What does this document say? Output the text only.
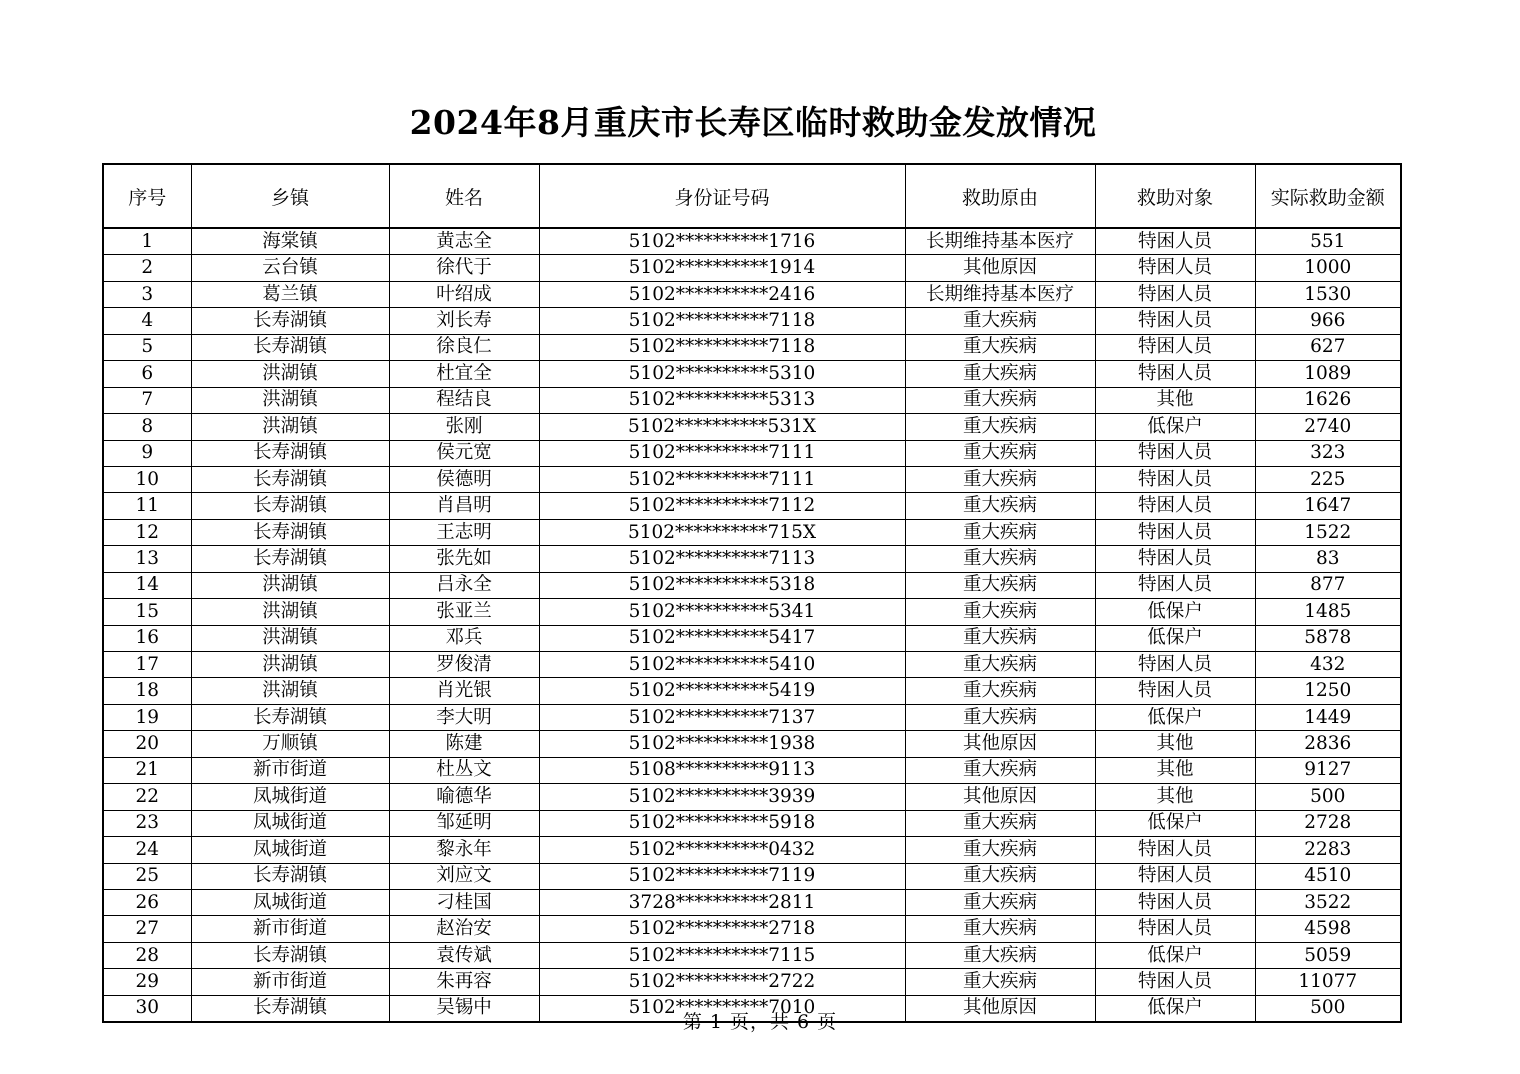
2024年8月重庆市长寿区临时救助金发放情况
序号	乡镇	姓名	身份证号码	救助原由	救助对象	实际救助金额
1	海棠镇	黄志全	5102**********1716	长期维持基本医疗	特困人员	551
2	云台镇	徐代于	5102**********1914	其他原因	特困人员	1000
3	葛兰镇	叶绍成	5102**********2416	长期维持基本医疗	特困人员	1530
4	长寿湖镇	刘长寿	5102**********7118	重大疾病	特困人员	966
5	长寿湖镇	徐良仁	5102**********7118	重大疾病	特困人员	627
6	洪湖镇	杜宜全	5102**********5310	重大疾病	特困人员	1089
7	洪湖镇	程结良	5102**********5313	重大疾病	其他	1626
8	洪湖镇	张刚	5102**********531X	重大疾病	低保户	2740
9	长寿湖镇	侯元宽	5102**********7111	重大疾病	特困人员	323
10	长寿湖镇	侯德明	5102**********7111	重大疾病	特困人员	225
11	长寿湖镇	肖昌明	5102**********7112	重大疾病	特困人员	1647
12	长寿湖镇	王志明	5102**********715X	重大疾病	特困人员	1522
13	长寿湖镇	张先如	5102**********7113	重大疾病	特困人员	83
14	洪湖镇	吕永全	5102**********5318	重大疾病	特困人员	877
15	洪湖镇	张亚兰	5102**********5341	重大疾病	低保户	1485
16	洪湖镇	邓兵	5102**********5417	重大疾病	低保户	5878
17	洪湖镇	罗俊清	5102**********5410	重大疾病	特困人员	432
18	洪湖镇	肖光银	5102**********5419	重大疾病	特困人员	1250
19	长寿湖镇	李大明	5102**********7137	重大疾病	低保户	1449
20	万顺镇	陈建	5102**********1938	其他原因	其他	2836
21	新市街道	杜丛文	5108**********9113	重大疾病	其他	9127
22	凤城街道	喻德华	5102**********3939	其他原因	其他	500
23	凤城街道	邹延明	5102**********5918	重大疾病	低保户	2728
24	凤城街道	黎永年	5102**********0432	重大疾病	特困人员	2283
25	长寿湖镇	刘应文	5102**********7119	重大疾病	特困人员	4510
26	凤城街道	刁桂国	3728**********2811	重大疾病	特困人员	3522
27	新市街道	赵治安	5102**********2718	重大疾病	特困人员	4598
28	长寿湖镇	袁传斌	5102**********7115	重大疾病	低保户	5059
29	新市街道	朱再容	5102**********2722	重大疾病	特困人员	11077
30	长寿湖镇	吴锡中	5102**********7010	其他原因	低保户	500
第 1 页，共 6 页
